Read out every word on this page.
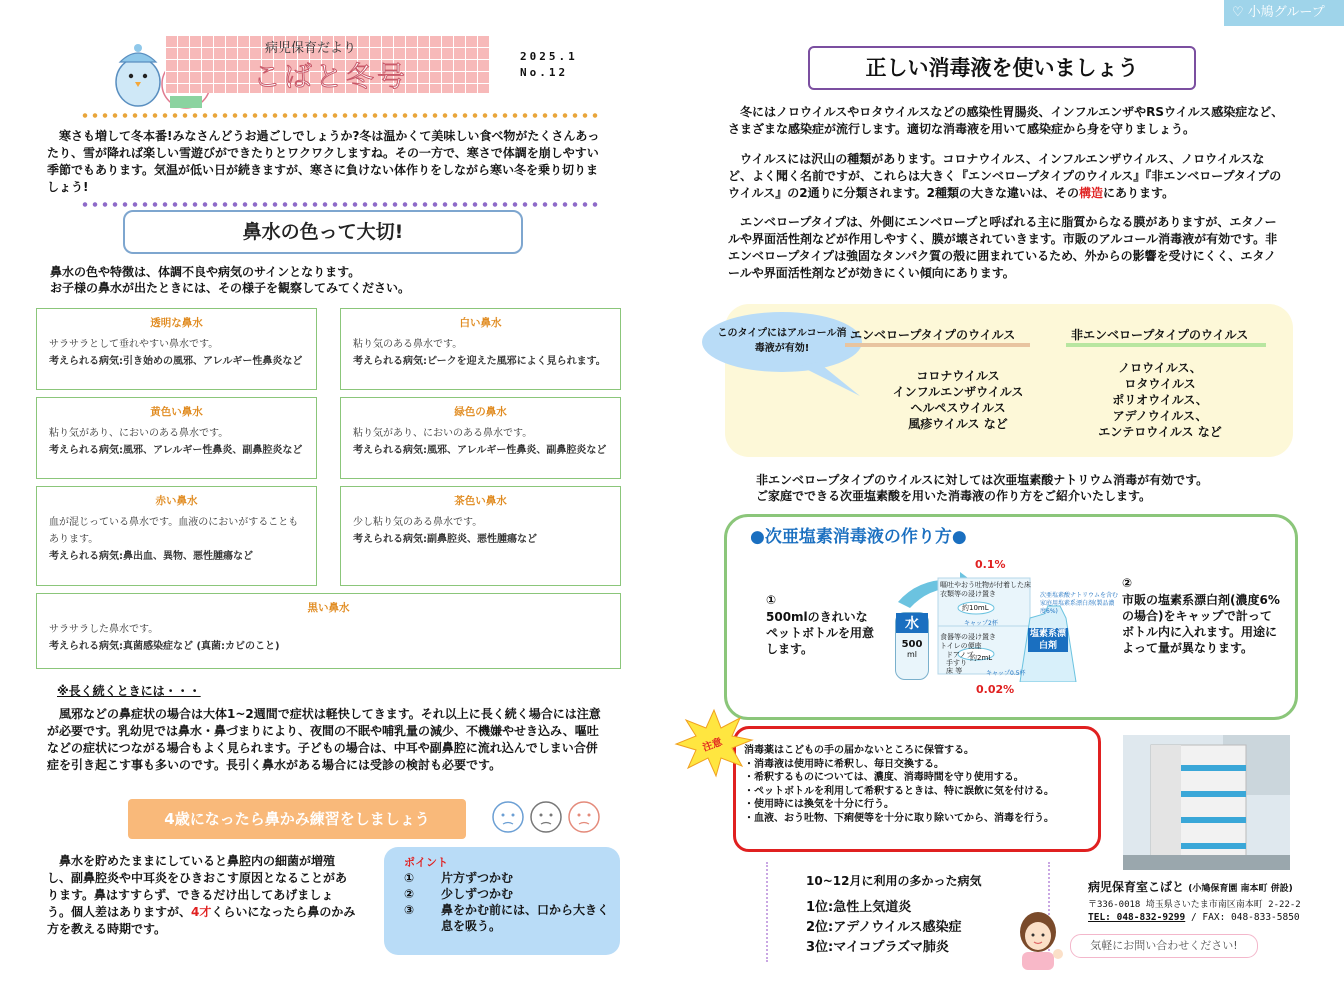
病児保育だより
こばと冬号
2025.1
No.12
寒さも増して冬本番!みなさんどうお過ごしでしょうか?冬は温かくて美味しい食べ物がたくさんあったり、雪が降れば楽しい雪遊びができたりとワクワクしますね。その一方で、寒さで体調を崩しやすい季節でもあります。気温が低い日が続きますが、寒さに負けない体作りをしながら寒い冬を乗り切りましょう!
鼻水の色って大切!
鼻水の色や特徴は、体調不良や病気のサインとなります。
お子様の鼻水が出たときには、その様子を観察してみてください。
透明な鼻水
サラサラとして垂れやすい鼻水です。
考えられる病気:引き始めの風邪、アレルギー性鼻炎など
白い鼻水
粘り気のある鼻水です。
考えられる病気:ピークを迎えた風邪によく見られます。
黄色い鼻水
粘り気があり、においのある鼻水です。
考えられる病気:風邪、アレルギー性鼻炎、副鼻腔炎など
緑色の鼻水
粘り気があり、においのある鼻水です。
考えられる病気:風邪、アレルギー性鼻炎、副鼻腔炎など
赤い鼻水
血が混じっている鼻水です。血液のにおいがすることもあります。
考えられる病気:鼻出血、異物、悪性腫瘍など
茶色い鼻水
少し粘り気のある鼻水です。
考えられる病気:副鼻腔炎、悪性腫瘍など
黒い鼻水
サラサラした鼻水です。
考えられる病気:真菌感染症など (真菌:カビのこと)
※長く続くときには・・・
風邪などの鼻症状の場合は大体1~2週間で症状は軽快してきます。それ以上に長く続く場合には注意が必要です。乳幼児では鼻水・鼻づまりにより、夜間の不眠や哺乳量の減少、不機嫌やせき込み、嘔吐などの症状につながる場合もよく見られます。子どもの場合は、中耳や副鼻腔に流れ込んでしまい合併症を引き起こす事も多いのです。長引く鼻水がある場合には受診の検討も必要です。
4歳になったら鼻かみ練習をしましょう
鼻水を貯めたままにしていると鼻腔内の細菌が増殖し、副鼻腔炎や中耳炎をひきおこす原因となることがあります。鼻はすすらず、できるだけ出してあげましょう。個人差はありますが、4才くらいになったら鼻のかみ方を教える時期です。
ポイント
① 片方ずつかむ
② 少しずつかむ
③ 鼻をかむ前には、口から大きく息を吸う。
♡ 小鳩グループ
正しい消毒液を使いましょう
冬にはノロウイルスやロタウイルスなどの感染性胃腸炎、インフルエンザやRSウイルス感染症など、さまざまな感染症が流行します。適切な消毒液を用いて感染症から身を守りましょう。
ウイルスには沢山の種類があります。コロナウイルス、インフルエンザウイルス、ノロウイルスなど、よく聞く名前ですが、これらは大きく『エンベロープタイプのウイルス』『非エンベロープタイプのウイルス』の2通りに分類されます。2種類の大きな違いは、その構造にあります。
エンベロープタイプは、外側にエンベロープと呼ばれる主に脂質からなる膜がありますが、エタノールや界面活性剤などが作用しやすく、膜が壊されていきます。市販のアルコール消毒液が有効です。非エンベロープタイプは強固なタンパク質の殻に囲まれているため、外からの影響を受けにくく、エタノールや界面活性剤などが効きにくい傾向にあります。
このタイプにはアルコール消毒液が有効!
エンベロープタイプのウイルス	非エンベロープタイプのウイルス
コロナウイルス
インフルエンザウイルス
ヘルペスウイルス
風疹ウイルス など
ノロウイルス、
ロタウイルス
ポリオウイルス、
アデノウイルス、
エンテロウイルス など
非エンベロープタイプのウイルスに対しては次亜塩素酸ナトリウム消毒が有効です。
ご家庭でできる次亜塩素酸を用いた消毒液の作り方をご紹介いたします。
●次亜塩素消毒液の作り方●
①
500mlのきれいなペットボトルを用意します。
②
市販の塩素系漂白剤(濃度6%の場合)をキャップで計ってボトル内に入れます。用途によって量が異なります。
0.1%
0.02%
水
500
ml
塩素系漂白剤
嘔吐やおう吐物が付着した床
衣類等の浸け置き
約10mL
キャップ2杯
食器等の浸け置き
トイレの便座
ドアノブ
手すり
床 等
約2mL
キャップ0.5杯
次亜塩素酸ナトリウムを含む家庭用塩素系漂白剤(製品濃度6%)
注意 消毒薬はこどもの手の届かないところに保管する。
・消毒液は使用時に希釈し、毎日交換する。
・希釈するものについては、濃度、消毒時間を守り使用する。
・ペットボトルを利用して希釈するときは、特に誤飲に気を付ける。
・使用時には換気を十分に行う。
・血液、おう吐物、下痢便等を十分に取り除いてから、消毒を行う。
10~12月に利用の多かった病気
1位:急性上気道炎
2位:アデノウイルス感染症
3位:マイコプラズマ肺炎
病児保育室こばと (小鳩保育園 南本町 併設)
〒336-0018 埼玉県さいたま市南区南本町 2-22-2
TEL: 048-832-9299 / FAX: 048-833-5850
気軽にお問い合わせください!
